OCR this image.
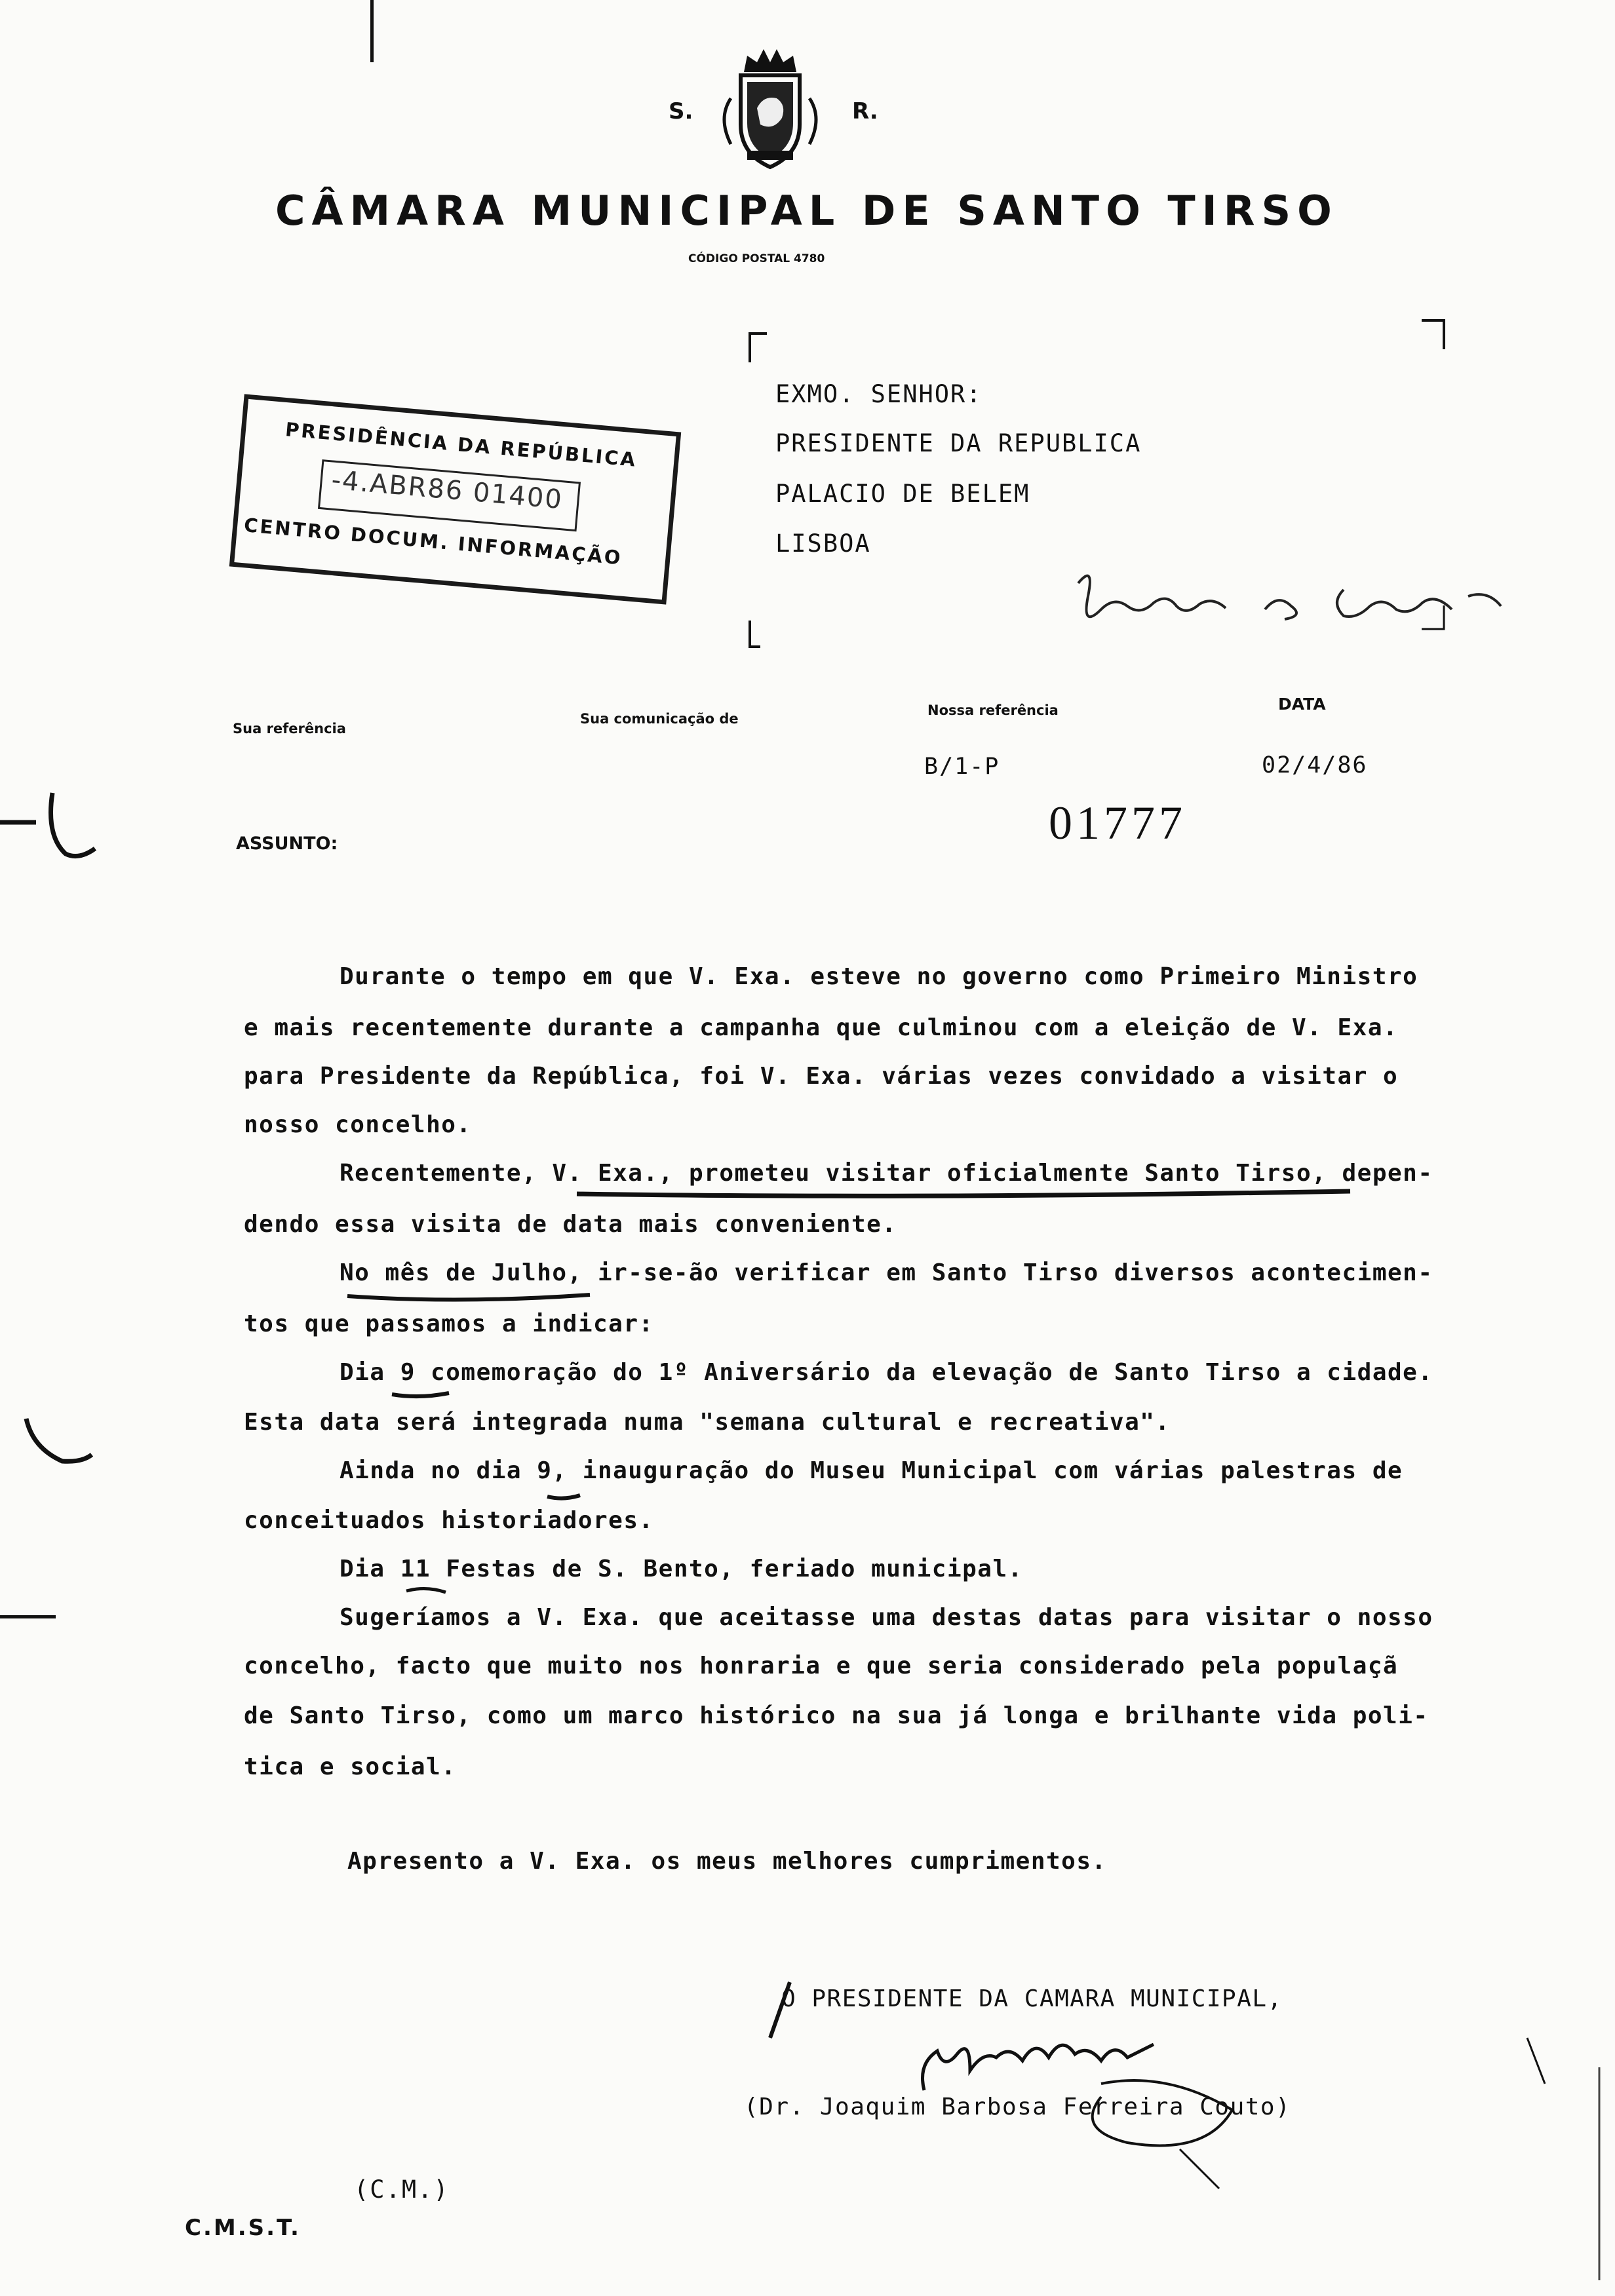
S.	R.
CÂMARA MUNICIPAL DE SANTO TIRSO
CÓDIGO POSTAL 4780
EXMO. SENHOR:
PRESIDENTE DA REPUBLICA
PALACIO DE BELEM
LISBOA
PRESIDÊNCIA DA REPÚBLICA
-4.ABR86 01400
CENTRO DOCUM. INFORMAÇÃO
Sua referência
Sua comunicação de
Nossa referência	DATA
B/1-P	02/4/86
ASSUNTO:	01777
Durante o tempo em que V. Exa. esteve no governo como Primeiro Ministro
e mais recentemente durante a campanha que culminou com a eleição de V. Exa.
para Presidente da República, foi V. Exa. várias vezes convidado a visitar o
nosso concelho.
Recentemente, V. Exa., prometeu visitar oficialmente Santo Tirso, depen-
dendo essa visita de data mais conveniente.
No mês de Julho, ir-se-ão verificar em Santo Tirso diversos acontecimen-
tos que passamos a indicar:
Dia 9 comemoração do 1º Aniversário da elevação de Santo Tirso a cidade.
Esta data será integrada numa "semana cultural e recreativa".
Ainda no dia 9, inauguração do Museu Municipal com várias palestras de
conceituados historiadores.
Dia 11 Festas de S. Bento, feriado municipal.
Sugeríamos a V. Exa. que aceitasse uma destas datas para visitar o nosso
concelho, facto que muito nos honraria e que seria considerado pela populaçã
de Santo Tirso, como um marco histórico na sua já longa e brilhante vida poli-
tica e social.
Apresento a V. Exa. os meus melhores cumprimentos.
O PRESIDENTE DA CAMARA MUNICIPAL,
(Dr. Joaquim Barbosa Ferreira Couto)
(C.M.)
C.M.S.T.
